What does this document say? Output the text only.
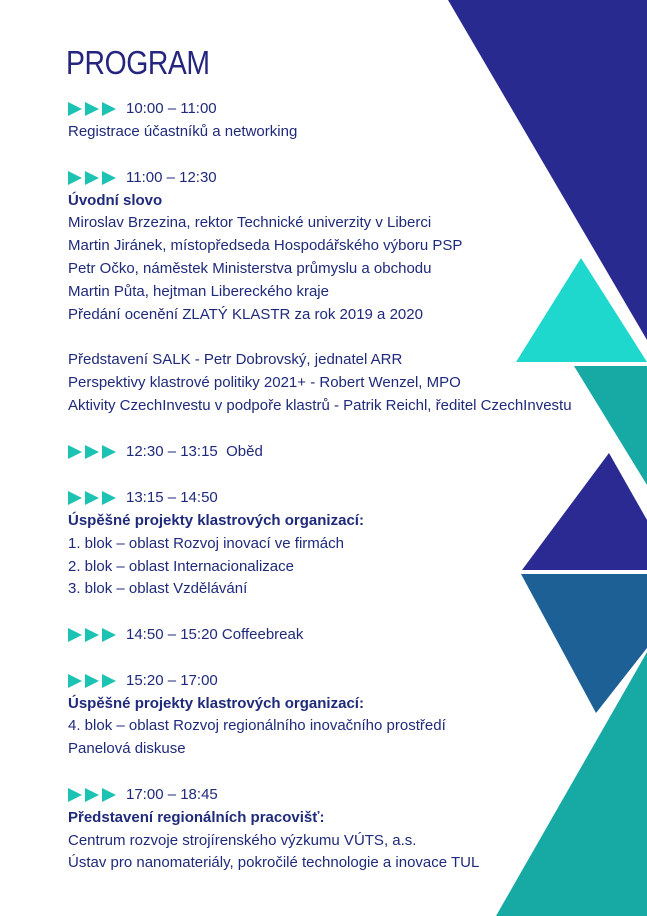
PROGRAM
10:00 – 11:00
Registrace účastníků a networking
11:00 – 12:30
Úvodní slovo
Miroslav Brzezina, rektor Technické univerzity v Liberci
Martin Jiránek, místopředseda Hospodářského výboru PSP
Petr Očko, náměstek Ministerstva průmyslu a obchodu
Martin Půta, hejtman Libereckého kraje
Předání ocenění ZLATÝ KLASTR za rok 2019 a 2020
Představení SALK - Petr Dobrovský, jednatel ARR
Perspektivy klastrové politiky 2021+ - Robert Wenzel, MPO
Aktivity CzechInvestu v podpoře klastrů - Patrik Reichl, ředitel CzechInvestu
12:30 – 13:15  Oběd
13:15 – 14:50
Úspěšné projekty klastrových organizací:
1. blok – oblast Rozvoj inovací ve firmách
2. blok – oblast Internacionalizace
3. blok – oblast Vzdělávání
14:50 – 15:20 Coffeebreak
15:20 – 17:00
Úspěšné projekty klastrových organizací:
4. blok – oblast Rozvoj regionálního inovačního prostředí
Panelová diskuse
17:00 – 18:45
Představení regionálních pracovišť:
Centrum rozvoje strojírenského výzkumu VÚTS, a.s.
Ústav pro nanomateriály, pokročilé technologie a inovace TUL
